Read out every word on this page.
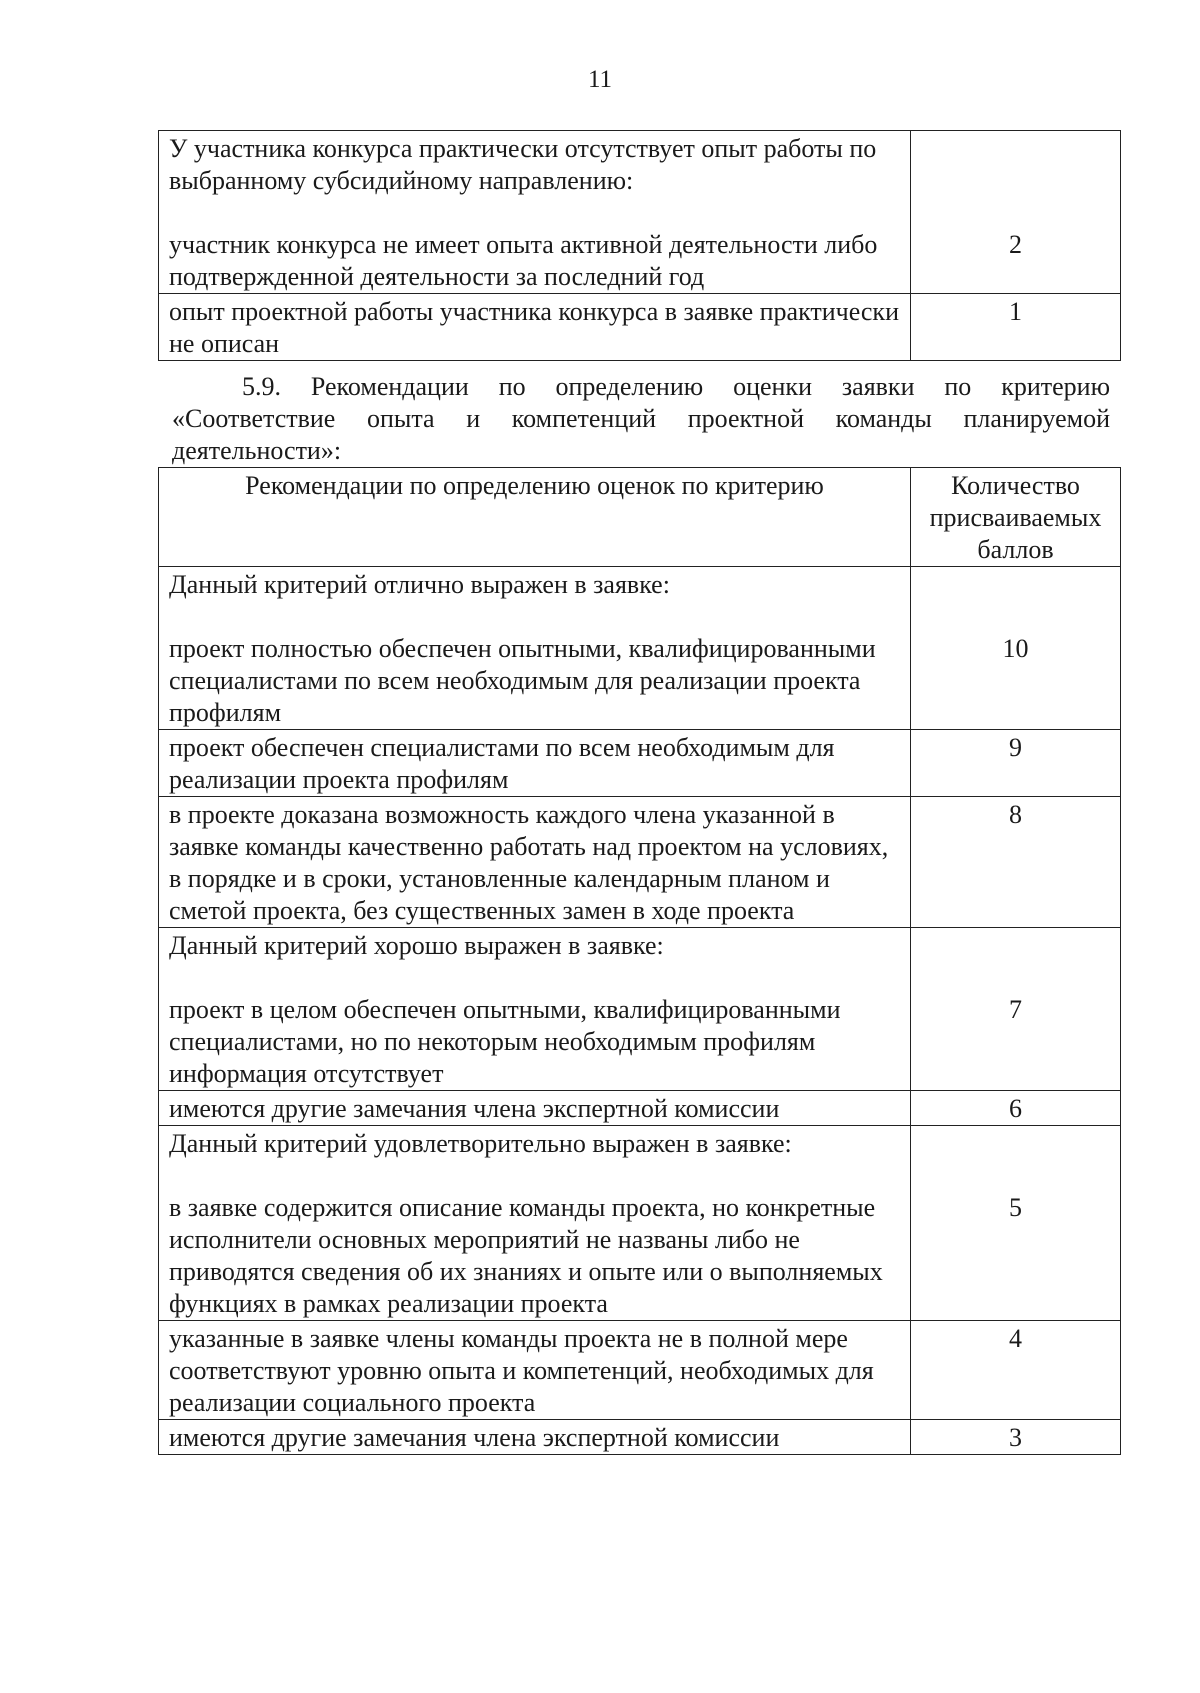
11
У участника конкурса практически отсутствует опыт работы по выбранному субсидийному направлению:
участник конкурса не имеет опыта активной деятельности либо подтвержденной деятельности за последний год	2
опыт проектной работы участника конкурса в заявке практически не описан	1

5.9. Рекомендации по определению оценки заявки по критерию «Соответствие опыта и компетенций проектной команды планируемой деятельности»:

Рекомендации по определению оценок по критерию	Количество присваиваемых баллов
Данный критерий отлично выражен в заявке:
проект полностью обеспечен опытными, квалифицированными специалистами по всем необходимым для реализации проекта профилям	10
проект обеспечен специалистами по всем необходимым для реализации проекта профилям	9
в проекте доказана возможность каждого члена указанной в заявке команды качественно работать над проектом на условиях, в порядке и в сроки, установленные календарным планом и сметой проекта, без существенных замен в ходе проекта	8
Данный критерий хорошо выражен в заявке:
проект в целом обеспечен опытными, квалифицированными специалистами, но по некоторым необходимым профилям информация отсутствует	7
имеются другие замечания члена экспертной комиссии	6
Данный критерий удовлетворительно выражен в заявке:
в заявке содержится описание команды проекта, но конкретные исполнители основных мероприятий не названы либо не приводятся сведения об их знаниях и опыте или о выполняемых функциях в рамках реализации проекта	5
указанные в заявке члены команды проекта не в полной мере соответствуют уровню опыта и компетенций, необходимых для реализации социального проекта	4
имеются другие замечания члена экспертной комиссии	3
